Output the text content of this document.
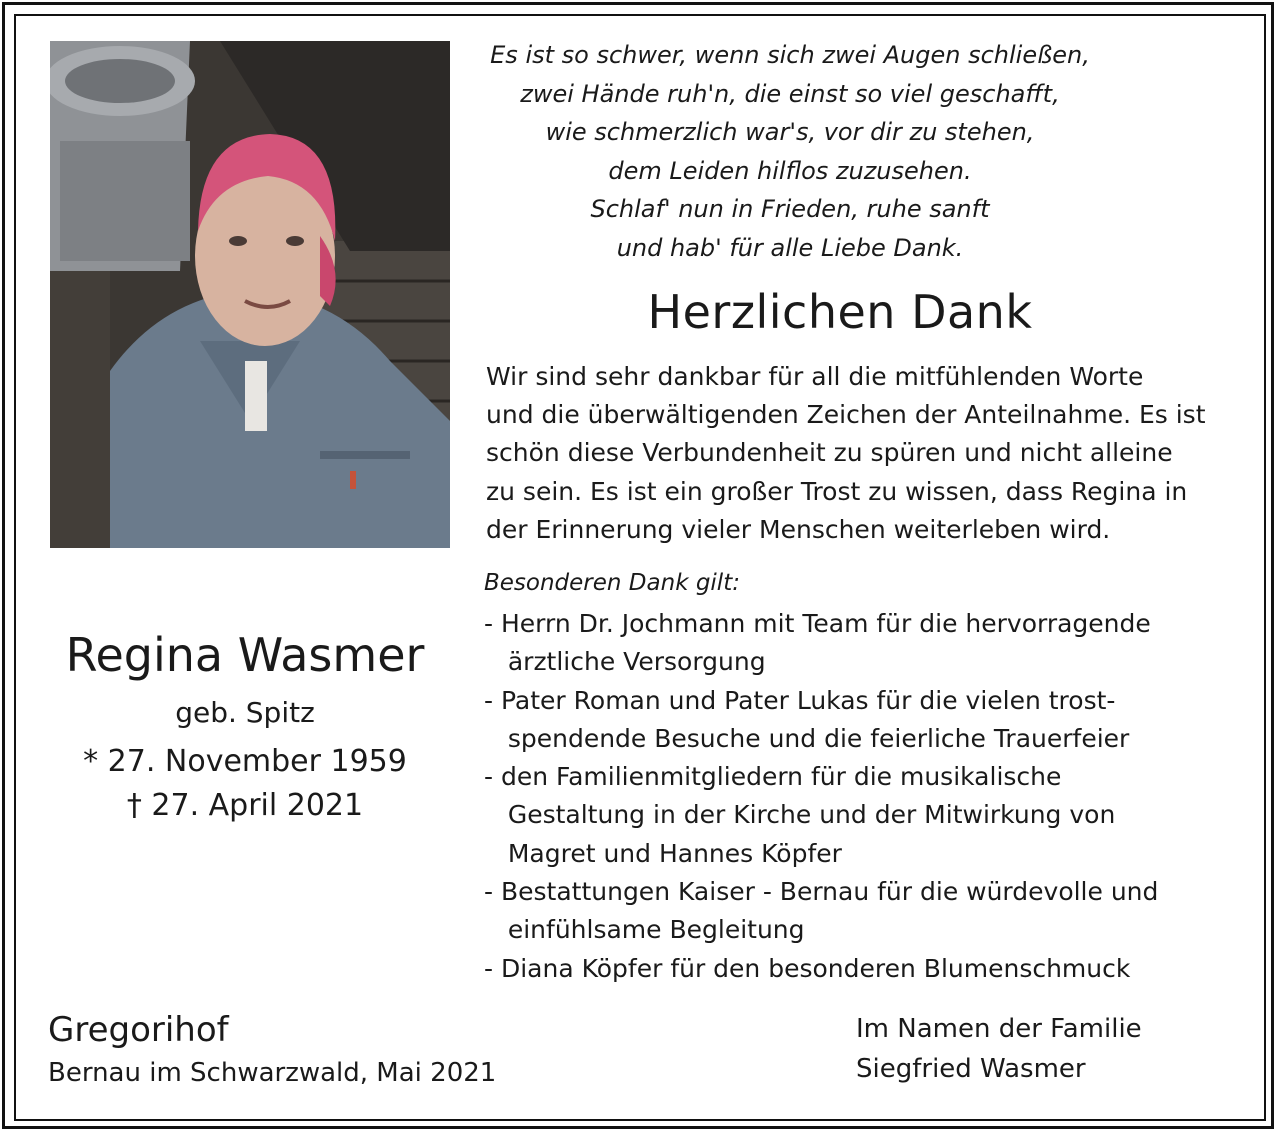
Es ist so schwer, wenn sich zwei Augen schließen,
zwei Hände ruh'n, die einst so viel geschafft,
wie schmerzlich war's, vor dir zu stehen,
dem Leiden hilflos zuzusehen.
Schlaf' nun in Frieden, ruhe sanft
und hab' für alle Liebe Dank.
Herzlichen Dank
Wir sind sehr dankbar für all die mitfühlenden Worte
und die überwältigenden Zeichen der Anteilnahme. Es ist
schön diese Verbundenheit zu spüren und nicht alleine
zu sein. Es ist ein großer Trost zu wissen, dass Regina in
der Erinnerung vieler Menschen weiterleben wird.
Besonderen Dank gilt:
- Herrn Dr. Jochmann mit Team für die hervorragende
ärztliche Versorgung
- Pater Roman und Pater Lukas für die vielen trost-
spendende Besuche und die feierliche Trauerfeier
- den Familienmitgliedern für die musikalische
Gestaltung in der Kirche und der Mitwirkung von
Magret und Hannes Köpfer
- Bestattungen Kaiser - Bernau für die würdevolle und
einfühlsame Begleitung
- Diana Köpfer für den besonderen Blumenschmuck
Regina Wasmer
geb. Spitz
* 27. November 1959
† 27. April 2021
Gregorihof
Bernau im Schwarzwald, Mai 2021
Im Namen der Familie
Siegfried Wasmer
